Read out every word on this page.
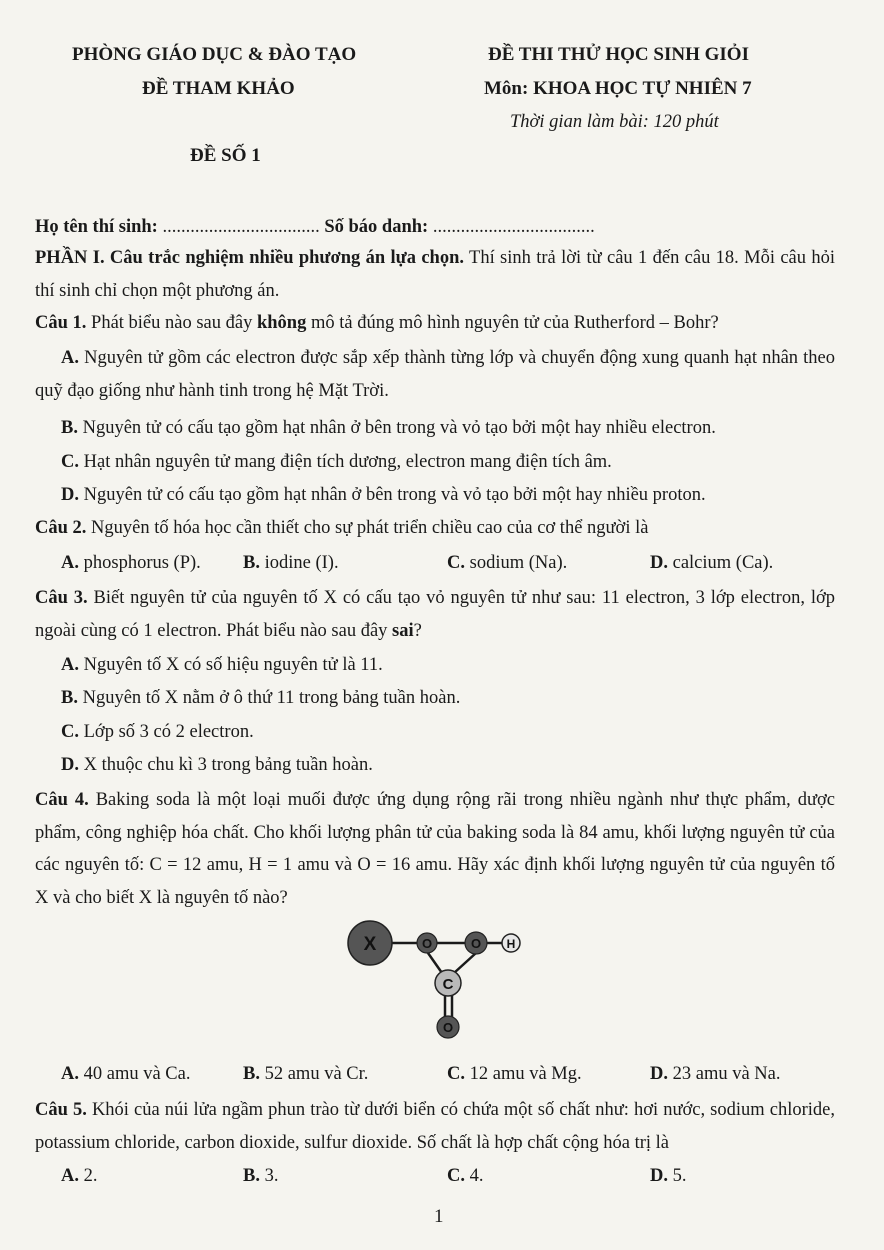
PHÒNG GIÁO DỤC & ĐÀO TẠO
ĐỀ THAM KHẢO
ĐỀ THI THỬ HỌC SINH GIỎI
Môn: KHOA HỌC TỰ NHIÊN 7
Thời gian làm bài: 120 phút
ĐỀ SỐ 1
Họ tên thí sinh: .................................. Số báo danh: ...................................
PHẦN I. Câu trắc nghiệm nhiều phương án lựa chọn. Thí sinh trả lời từ câu 1 đến câu 18. Mỗi câu hỏi thí sinh chỉ chọn một phương án.
Câu 1. Phát biểu nào sau đây không mô tả đúng mô hình nguyên tử của Rutherford – Bohr?
A. Nguyên tử gồm các electron được sắp xếp thành từng lớp và chuyển động xung quanh hạt nhân theo quỹ đạo giống như hành tinh trong hệ Mặt Trời.
B. Nguyên tử có cấu tạo gồm hạt nhân ở bên trong và vỏ tạo bởi một hay nhiều electron.
C. Hạt nhân nguyên tử mang điện tích dương, electron mang điện tích âm.
D. Nguyên tử có cấu tạo gồm hạt nhân ở bên trong và vỏ tạo bởi một hay nhiều proton.
Câu 2. Nguyên tố hóa học cần thiết cho sự phát triển chiều cao của cơ thể người là
A. phosphorus (P). B. iodine (I).	C. sodium (Na).	D. calcium (Ca).
Câu 3. Biết nguyên tử của nguyên tố X có cấu tạo vỏ nguyên tử như sau: 11 electron, 3 lớp electron, lớp ngoài cùng có 1 electron. Phát biểu nào sau đây sai?
A. Nguyên tố X có số hiệu nguyên tử là 11.
B. Nguyên tố X nằm ở ô thứ 11 trong bảng tuần hoàn.
C. Lớp số 3 có 2 electron.
D. X thuộc chu kì 3 trong bảng tuần hoàn.
Câu 4. Baking soda là một loại muối được ứng dụng rộng rãi trong nhiều ngành như thực phẩm, dược phẩm, công nghiệp hóa chất. Cho khối lượng phân tử của baking soda là 84 amu, khối lượng nguyên tử của các nguyên tố: C = 12 amu, H = 1 amu và O = 16 amu. Hãy xác định khối lượng nguyên tử của nguyên tố X và cho biết X là nguyên tố nào?
X	O	O H
C
O
A. 40 amu và Ca.	B. 52 amu và Cr.	C. 12 amu và Mg.	D. 23 amu và Na.
Câu 5. Khói của núi lửa ngầm phun trào từ dưới biển có chứa một số chất như: hơi nước, sodium chloride, potassium chloride, carbon dioxide, sulfur dioxide. Số chất là hợp chất cộng hóa trị là
A. 2.	B. 3.	C. 4.	D. 5.
1
